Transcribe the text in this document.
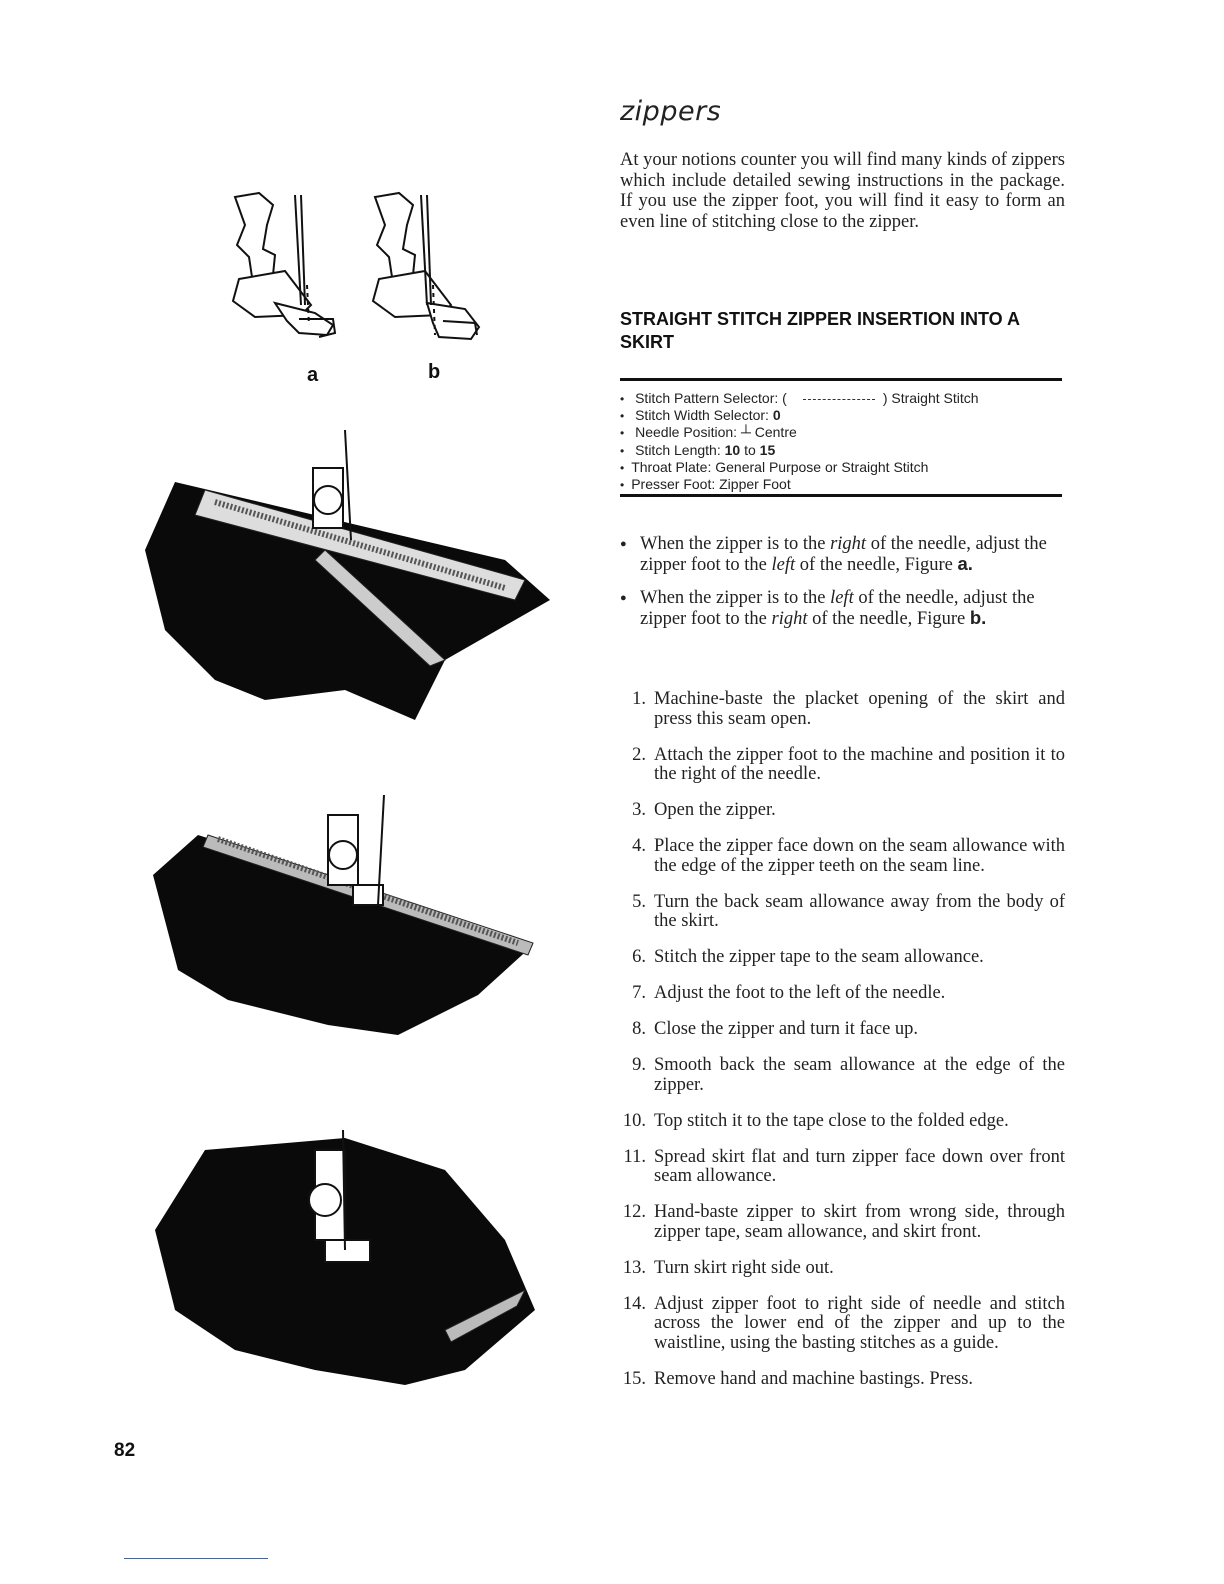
a	b
zippers
At your notions counter you will find many kinds of zippers which include detailed sewing instructions in the package. If you use the zipper foot, you will find it easy to form an even line of stitching close to the zipper.
STRAIGHT STITCH ZIPPER INSERTION INTO A SKIRT
• Stitch Pattern Selector: (	) Straight Stitch
• Stitch Width Selector: 0
• Needle Position: ┴ Centre
• Stitch Length: 10 to 15
• Throat Plate: General Purpose or Straight Stitch
• Presser Foot: Zipper Foot
● When the zipper is to the right of the needle, adjust the zipper foot to the left of the needle, Figure a.
● When the zipper is to the left of the needle, adjust the zipper foot to the right of the needle, Figure b.
1. Machine-baste the placket opening of the skirt and press this seam open.
2. Attach the zipper foot to the machine and position it to the right of the needle.
3. Open the zipper.
4. Place the zipper face down on the seam allowance with the edge of the zipper teeth on the seam line.
5. Turn the back seam allowance away from the body of the skirt.
6. Stitch the zipper tape to the seam allowance.
7. Adjust the foot to the left of the needle.
8. Close the zipper and turn it face up.
9. Smooth back the seam allowance at the edge of the zipper.
10. Top stitch it to the tape close to the folded edge.
11. Spread skirt flat and turn zipper face down over front seam allowance.
12. Hand-baste zipper to skirt from wrong side, through zipper tape, seam allowance, and skirt front.
13. Turn skirt right side out.
14. Adjust zipper foot to right side of needle and stitch across the lower end of the zipper and up to the waistline, using the basting stitches as a guide.
15. Remove hand and machine bastings. Press.
82
